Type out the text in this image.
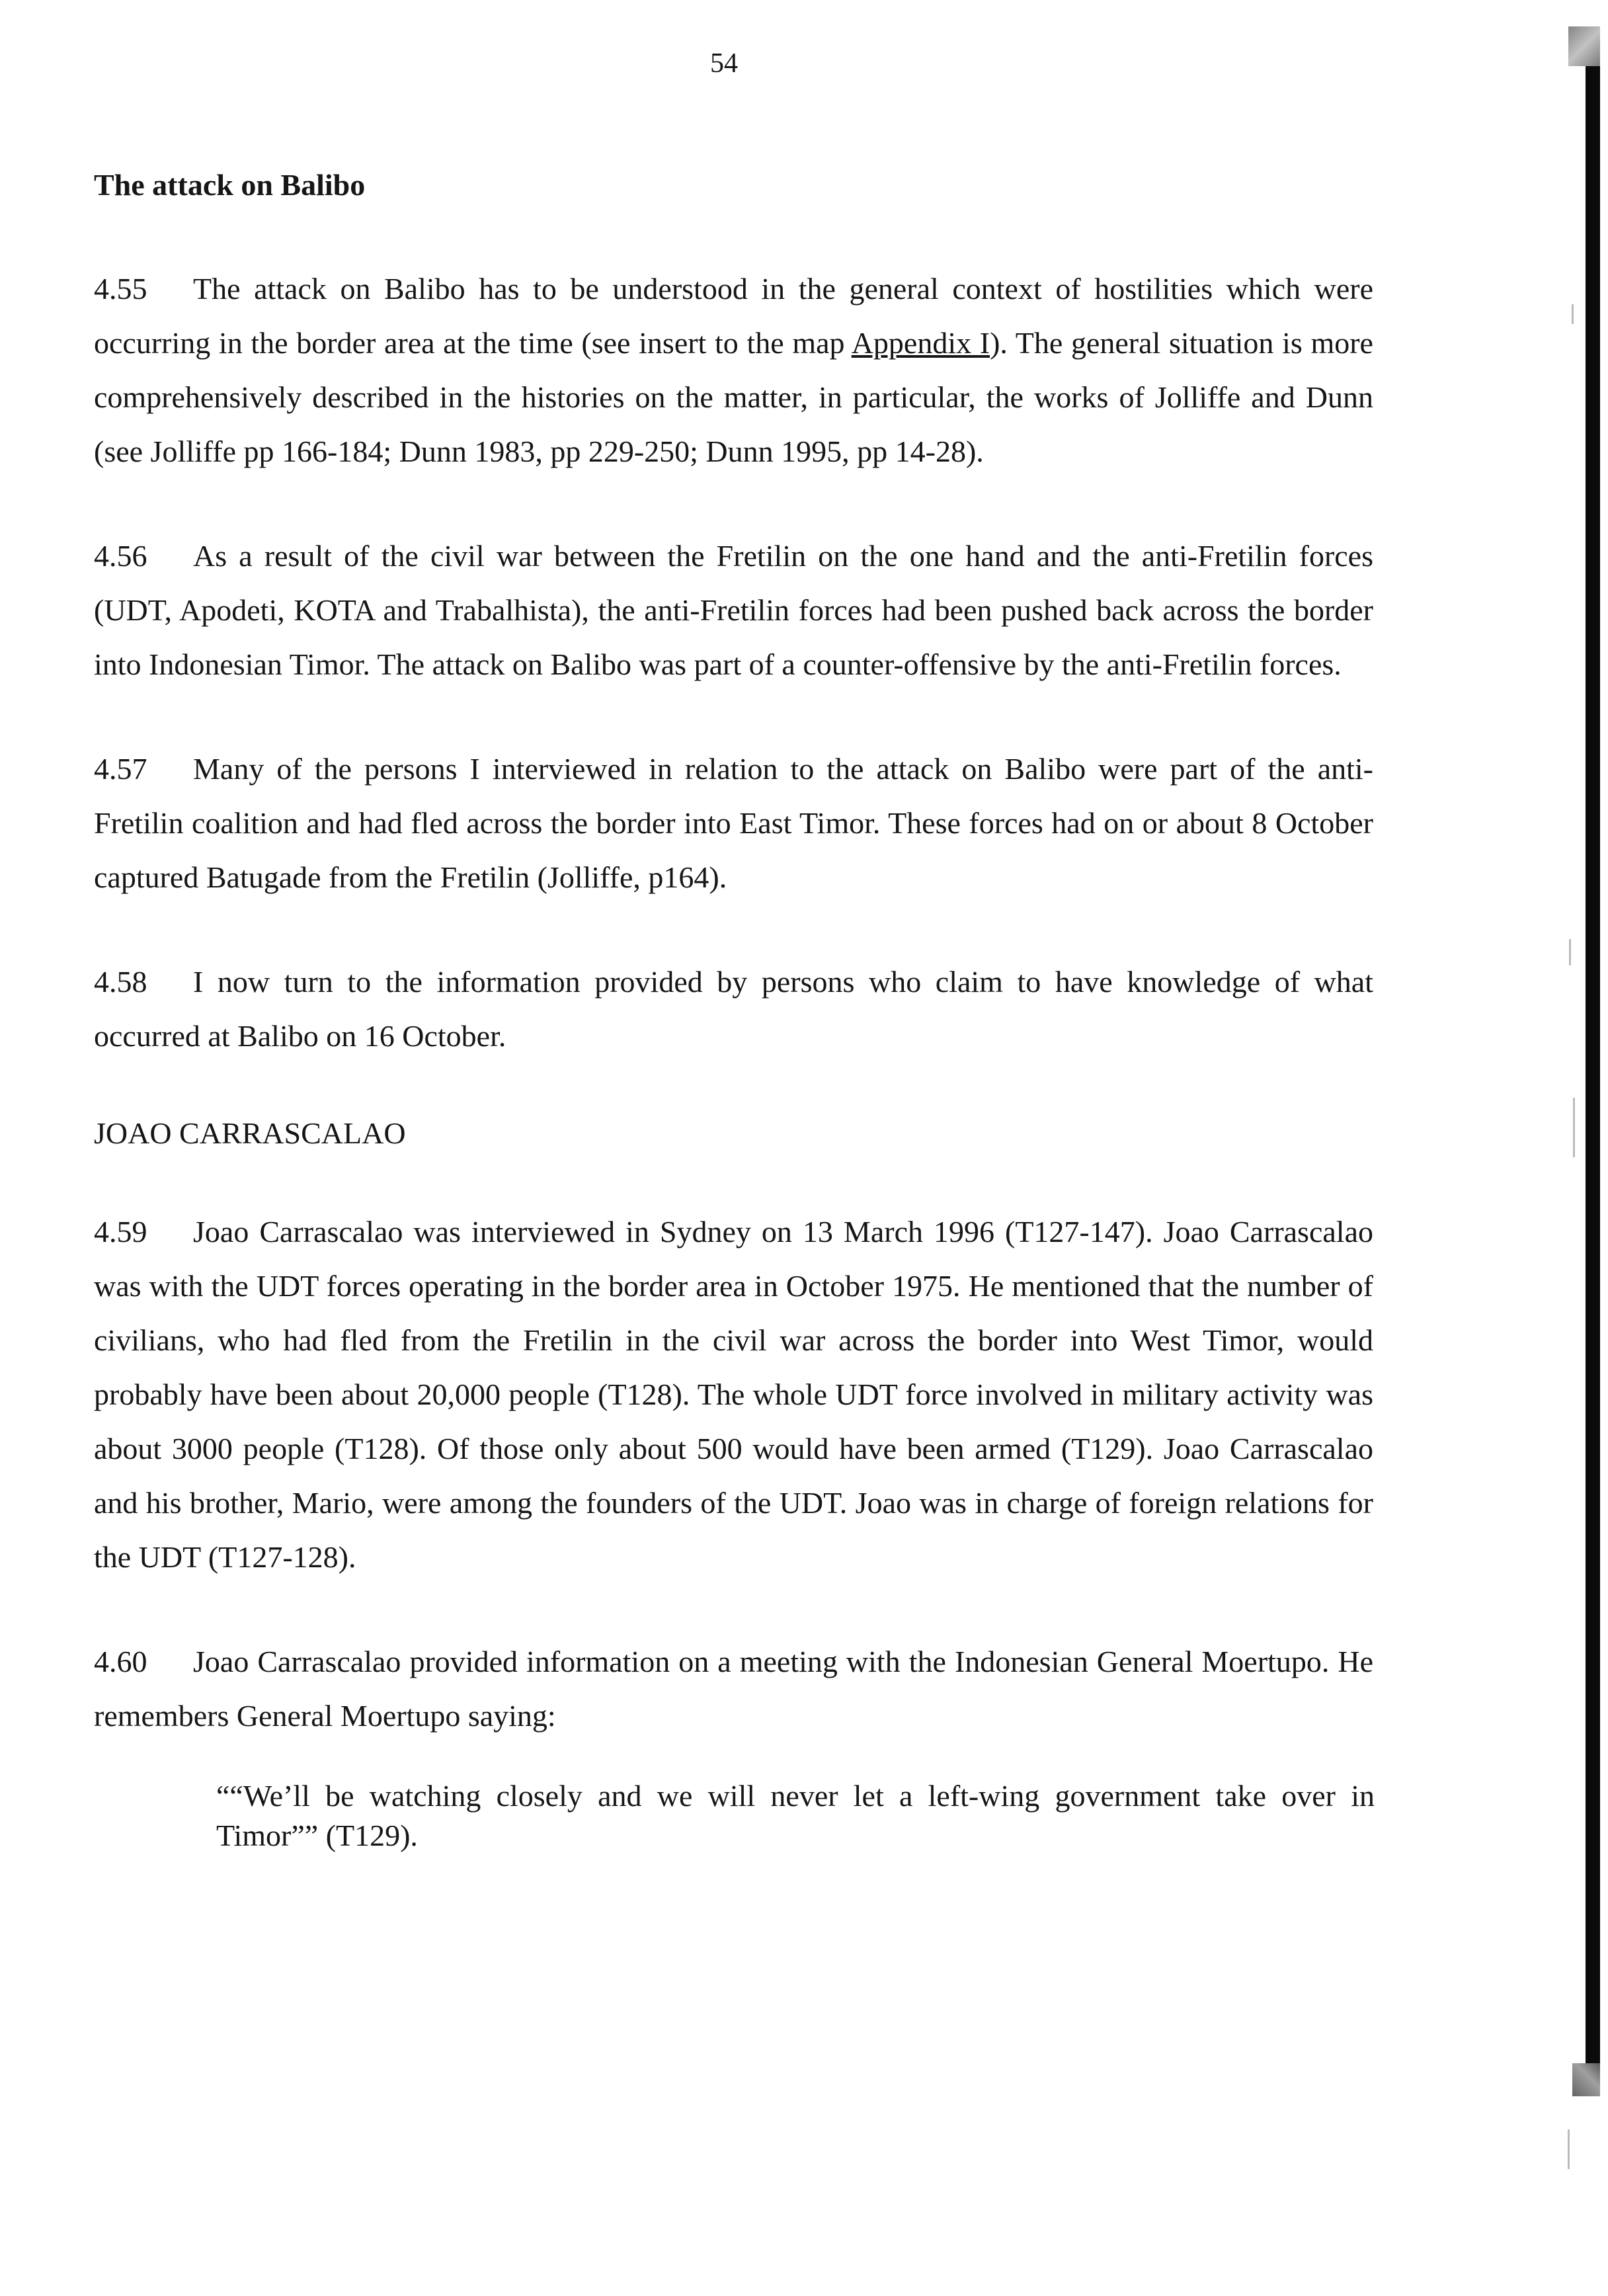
54
The attack on Balibo

4.55 The attack on Balibo has to be understood in the general context of hostilities which were occurring in the border area at the time (see insert to the map Appendix I). The general situation is more comprehensively described in the histories on the matter, in particular, the works of Jolliffe and Dunn (see Jolliffe pp 166-184; Dunn 1983, pp 229-250; Dunn 1995, pp 14-28).

4.56 As a result of the civil war between the Fretilin on the one hand and the anti-Fretilin forces (UDT, Apodeti, KOTA and Trabalhista), the anti-Fretilin forces had been pushed back across the border into Indonesian Timor. The attack on Balibo was part of a counter-offensive by the anti-Fretilin forces.

4.57 Many of the persons I interviewed in relation to the attack on Balibo were part of the anti-Fretilin coalition and had fled across the border into East Timor. These forces had on or about 8 October captured Batugade from the Fretilin (Jolliffe, p164).

4.58 I now turn to the information provided by persons who claim to have knowledge of what occurred at Balibo on 16 October.

JOAO CARRASCALAO

4.59 Joao Carrascalao was interviewed in Sydney on 13 March 1996 (T127-147). Joao Carrascalao was with the UDT forces operating in the border area in October 1975. He mentioned that the number of civilians, who had fled from the Fretilin in the civil war across the border into West Timor, would probably have been about 20,000 people (T128). The whole UDT force involved in military activity was about 3000 people (T128). Of those only about 500 would have been armed (T129). Joao Carrascalao and his brother, Mario, were among the founders of the UDT. Joao was in charge of foreign relations for the UDT (T127-128).

4.60 Joao Carrascalao provided information on a meeting with the Indonesian General Moertupo. He remembers General Moertupo saying:

““We’ll be watching closely and we will never let a left-wing government take over in Timor”” (T129).
